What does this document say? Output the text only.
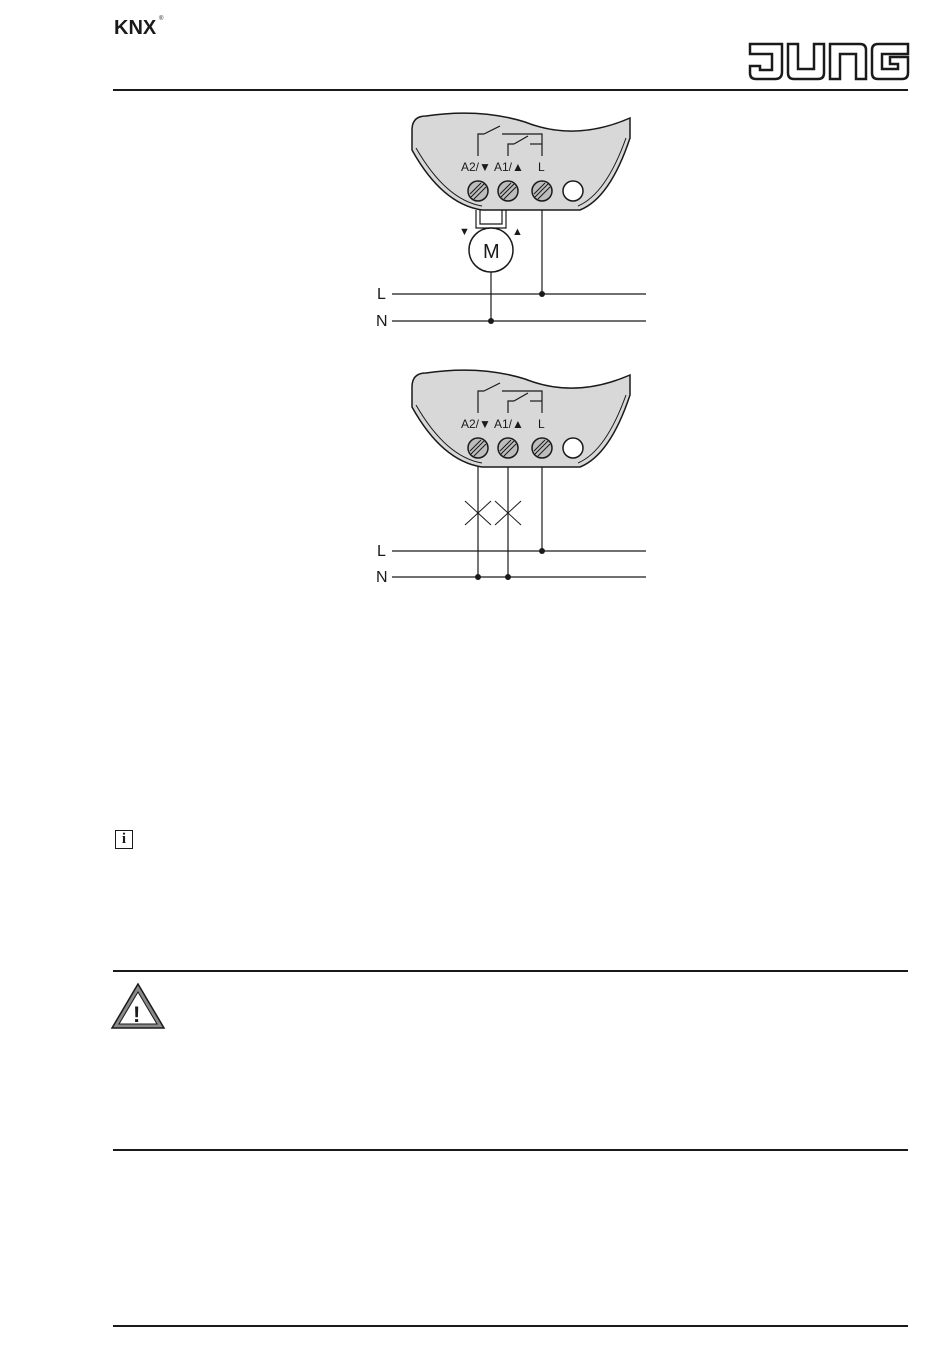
KNX ®
JUNG
A2/▼ A1/▲ L
M
▼	▲
L
N
A2/▼ A1/▲ L
L
N
i
!
